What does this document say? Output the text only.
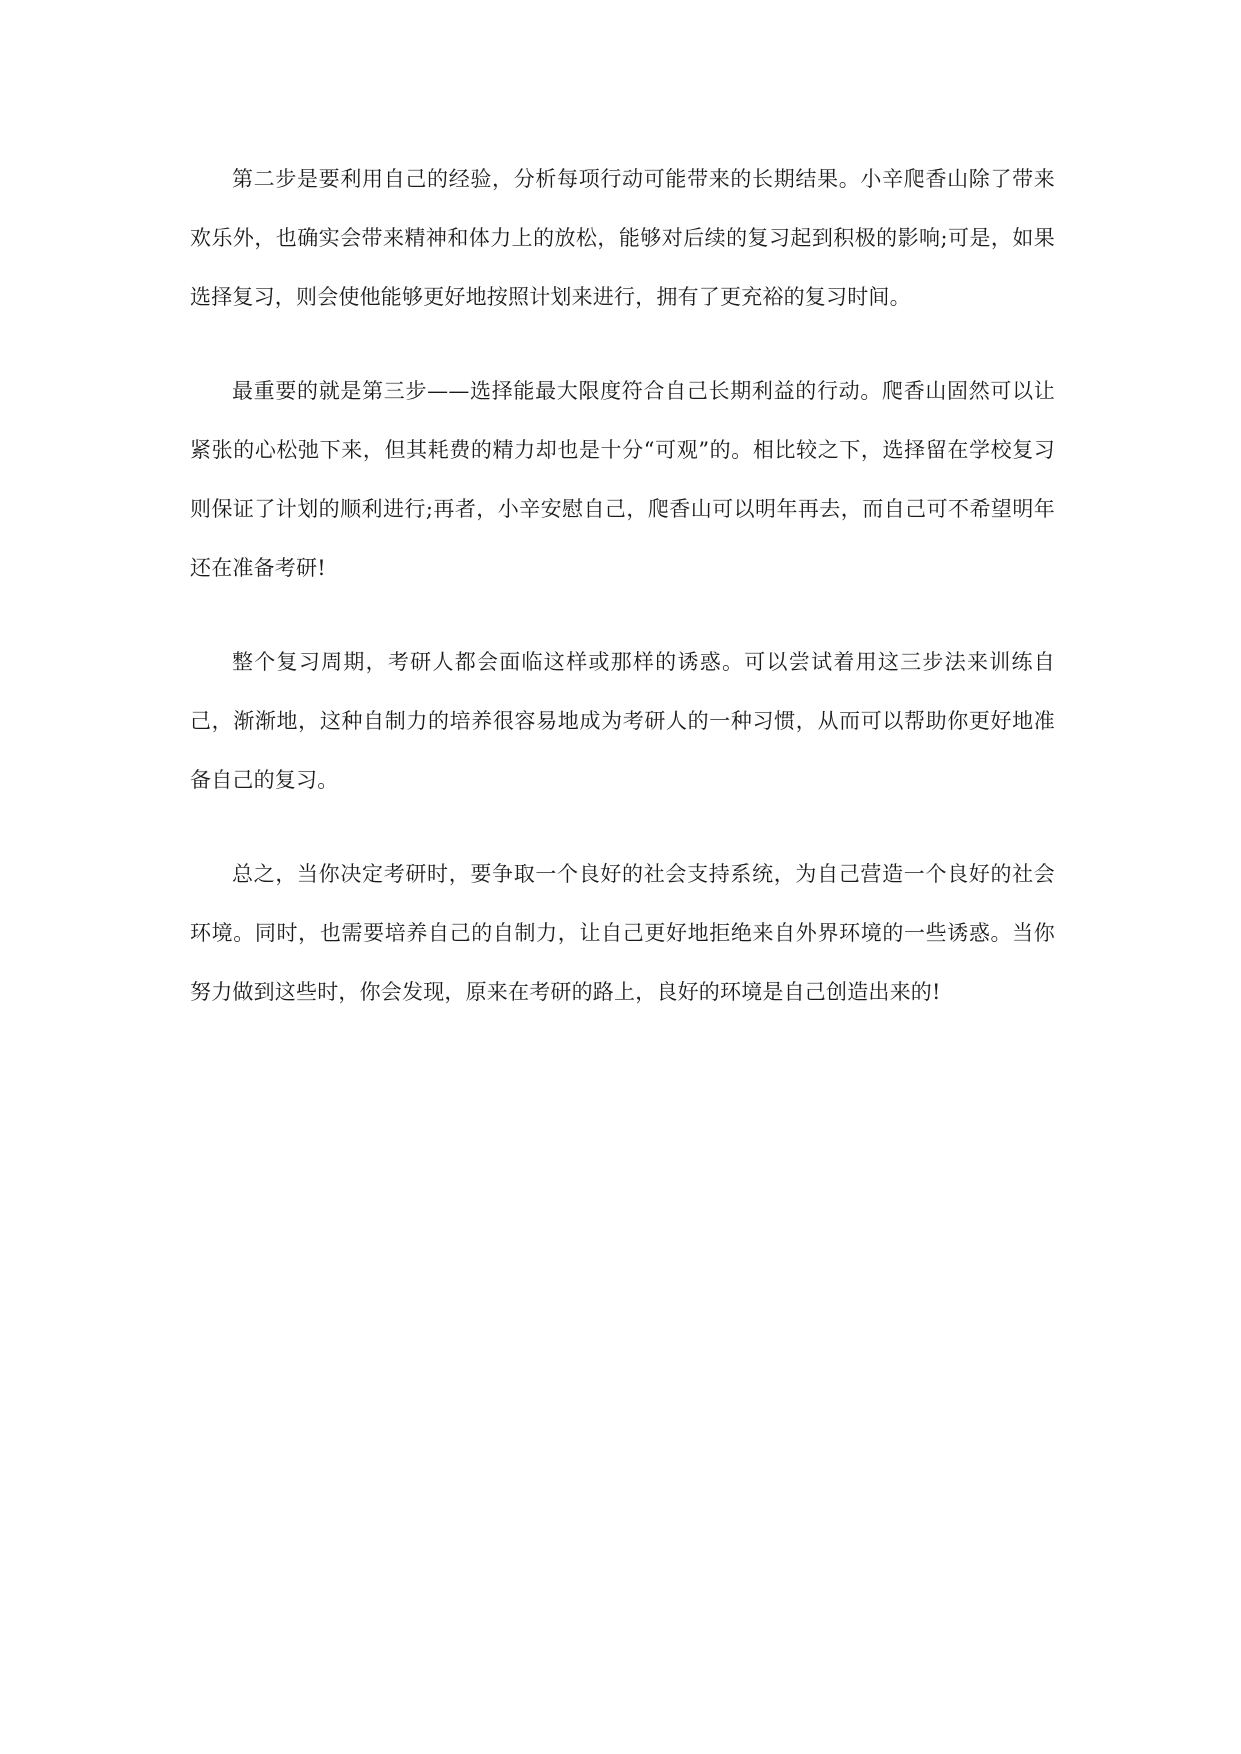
第二步是要利用自己的经验，分析每项行动可能带来的长期结果。小辛爬香山除了带来欢乐外，也确实会带来精神和体力上的放松，能够对后续的复习起到积极的影响;可是，如果选择复习，则会使他能够更好地按照计划来进行，拥有了更充裕的复习时间。

最重要的就是第三步——选择能最大限度符合自己长期利益的行动。爬香山固然可以让紧张的心松弛下来，但其耗费的精力却也是十分“可观”的。相比较之下，选择留在学校复习则保证了计划的顺利进行;再者，小辛安慰自己，爬香山可以明年再去，而自己可不希望明年还在准备考研!

整个复习周期，考研人都会面临这样或那样的诱惑。可以尝试着用这三步法来训练自己，渐渐地，这种自制力的培养很容易地成为考研人的一种习惯，从而可以帮助你更好地准备自己的复习。

总之，当你决定考研时，要争取一个良好的社会支持系统，为自己营造一个良好的社会环境。同时，也需要培养自己的自制力，让自己更好地拒绝来自外界环境的一些诱惑。当你努力做到这些时，你会发现，原来在考研的路上，良好的环境是自己创造出来的!
